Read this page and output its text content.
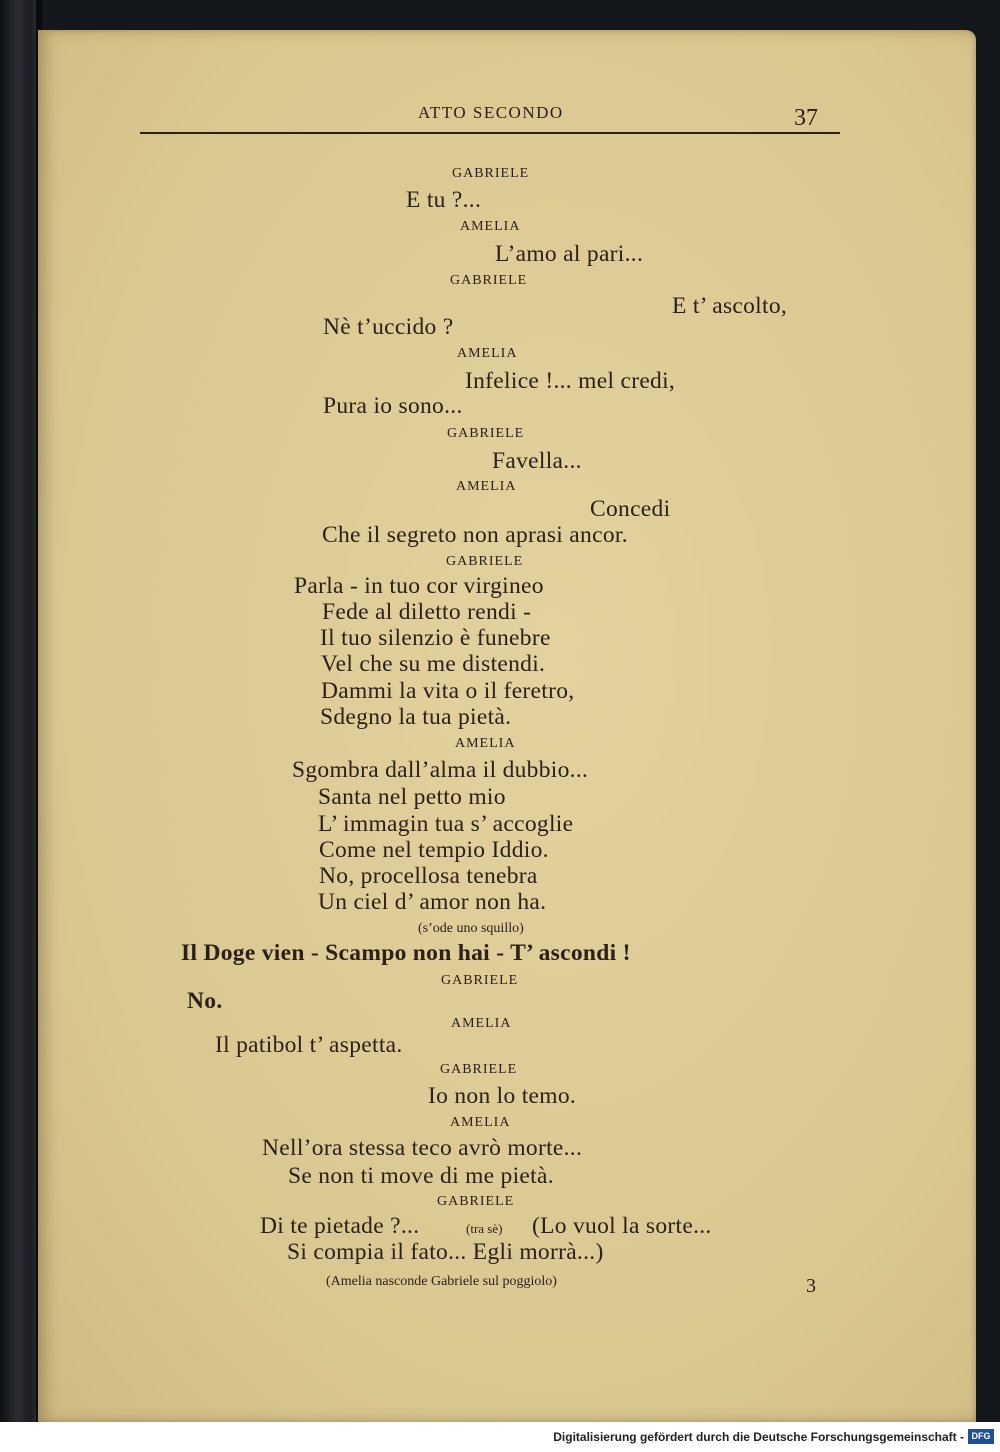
ATTO SECONDO	37
GABRIELE
E tu ?...
AMELIA
L’amo al pari...
GABRIELE
E t’ ascolto,
Nè t’uccido ?
AMELIA
Infelice !... mel credi,
Pura io sono...
GABRIELE
Favella...
AMELIA
Concedi
Che il segreto non aprasi ancor.
GABRIELE
Parla - in tuo cor virgineo
Fede al diletto rendi -
Il tuo silenzio è funebre
Vel che su me distendi.
Dammi la vita o il feretro,
Sdegno la tua pietà.
AMELIA
Sgombra dall’alma il dubbio...
Santa nel petto mio
L’ immagin tua s’ accoglie
Come nel tempio Iddio.
No, procellosa tenebra
Un ciel d’ amor non ha.
(s’ode uno squillo)
Il Doge vien - Scampo non hai - T’ ascondi !
GABRIELE
No.
AMELIA
Il patibol t’ aspetta.
GABRIELE
Io non lo temo.
AMELIA
Nell’ora stessa teco avrò morte...
Se non ti move di me pietà.
GABRIELE
Di te pietade ?...	(tra sè) (Lo vuol la sorte...
Si compia il fato... Egli morrà...)
(Amelia nasconde Gabriele sul poggiolo)	3
Digitalisierung gefördert durch die Deutsche Forschungsgemeinschaft - DFG
